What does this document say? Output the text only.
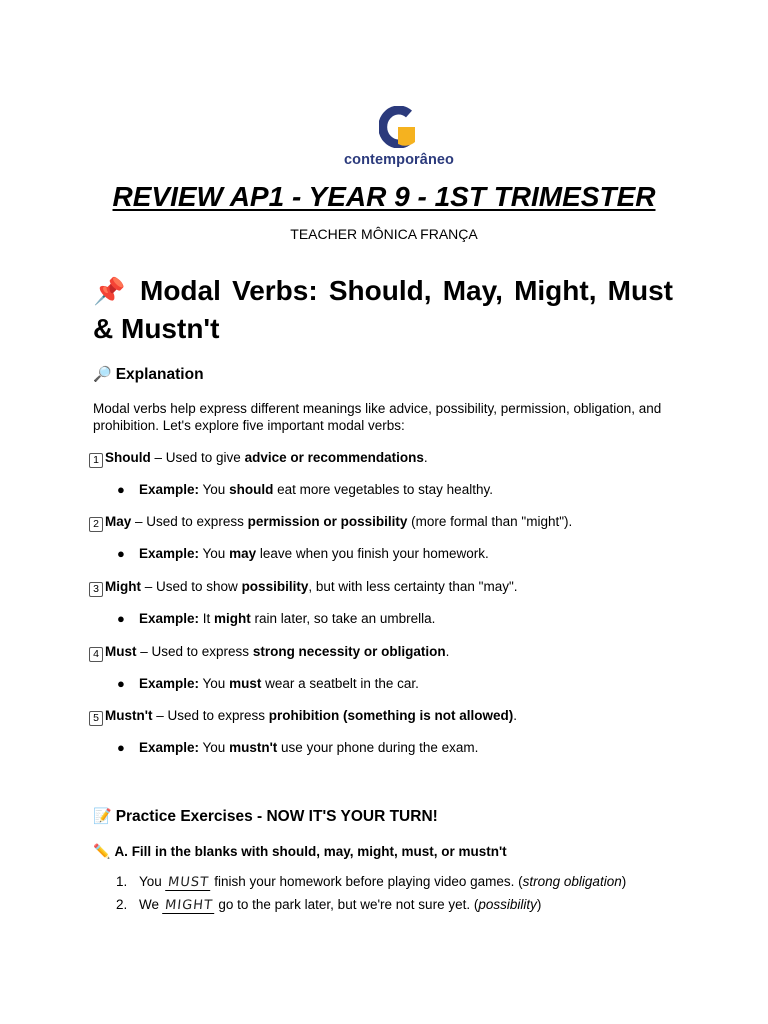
contemporâneo
REVIEW AP1 - YEAR 9 - 1ST TRIMESTER
TEACHER MÔNICA FRANÇA
📌 Modal Verbs: Should, May, Might, Must & Mustn't
🔎 Explanation
Modal verbs help express different meanings like advice, possibility, permission, obligation, and prohibition. Let's explore five important modal verbs:
1 Should – Used to give advice or recommendations.
● Example: You should eat more vegetables to stay healthy.
2 May – Used to express permission or possibility (more formal than "might").
● Example: You may leave when you finish your homework.
3 Might – Used to show possibility, but with less certainty than "may".
● Example: It might rain later, so take an umbrella.
4 Must – Used to express strong necessity or obligation.
● Example: You must wear a seatbelt in the car.
5 Mustn't – Used to express prohibition (something is not allowed).
● Example: You mustn't use your phone during the exam.
📝 Practice Exercises - NOW IT'S YOUR TURN!
✏️ A. Fill in the blanks with should, may, might, must, or mustn't
1. You MUST finish your homework before playing video games. (strong obligation)
2. We MIGHT go to the park later, but we're not sure yet. (possibility)
